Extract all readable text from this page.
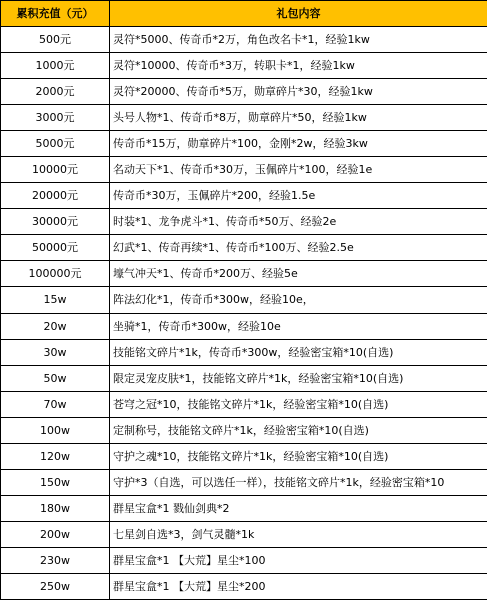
累积充值（元）	礼包内容
500元	灵符*5000、传奇币*2万，角色改名卡*1，经验1kw
1000元	灵符*10000、传奇币*3万，转职卡*1，经验1kw
2000元	灵符*20000、传奇币*5万，勋章碎片*30，经验1kw
3000元	头号人物*1、传奇币*8万，勋章碎片*50，经验1kw
5000元	传奇币*15万，勋章碎片*100，金刚*2w，经验3kw
10000元	名动天下*1、传奇币*30万，玉佩碎片*100，经验1e
20000元	传奇币*30万，玉佩碎片*200，经验1.5e
30000元	时装*1、龙争虎斗*1、传奇币*50万、经验2e
50000元	幻武*1、传奇再续*1、传奇币*100万、经验2.5e
100000元	壕气冲天*1、传奇币*200万、经验5e
15w	阵法幻化*1，传奇币*300w，经验10e，
20w	坐骑*1，传奇币*300w，经验10e
30w	技能铭文碎片*1k，传奇币*300w，经验密宝箱*10(自选)
50w	限定灵宠皮肤*1，技能铭文碎片*1k，经验密宝箱*10(自选)
70w	苍穹之冠*10，技能铭文碎片*1k，经验密宝箱*10(自选)
100w	定制称号，技能铭文碎片*1k，经验密宝箱*10(自选)
120w	守护之魂*10，技能铭文碎片*1k，经验密宝箱*10(自选)
150w	守护*3（自选，可以选任一样），技能铭文碎片*1k，经验密宝箱*10
180w	群星宝盒*1 戮仙剑典*2
200w	七星剑自选*3，剑气灵髓*1k
230w	群星宝盒*1 【大荒】星尘*100
250w	群星宝盒*1 【大荒】星尘*200
